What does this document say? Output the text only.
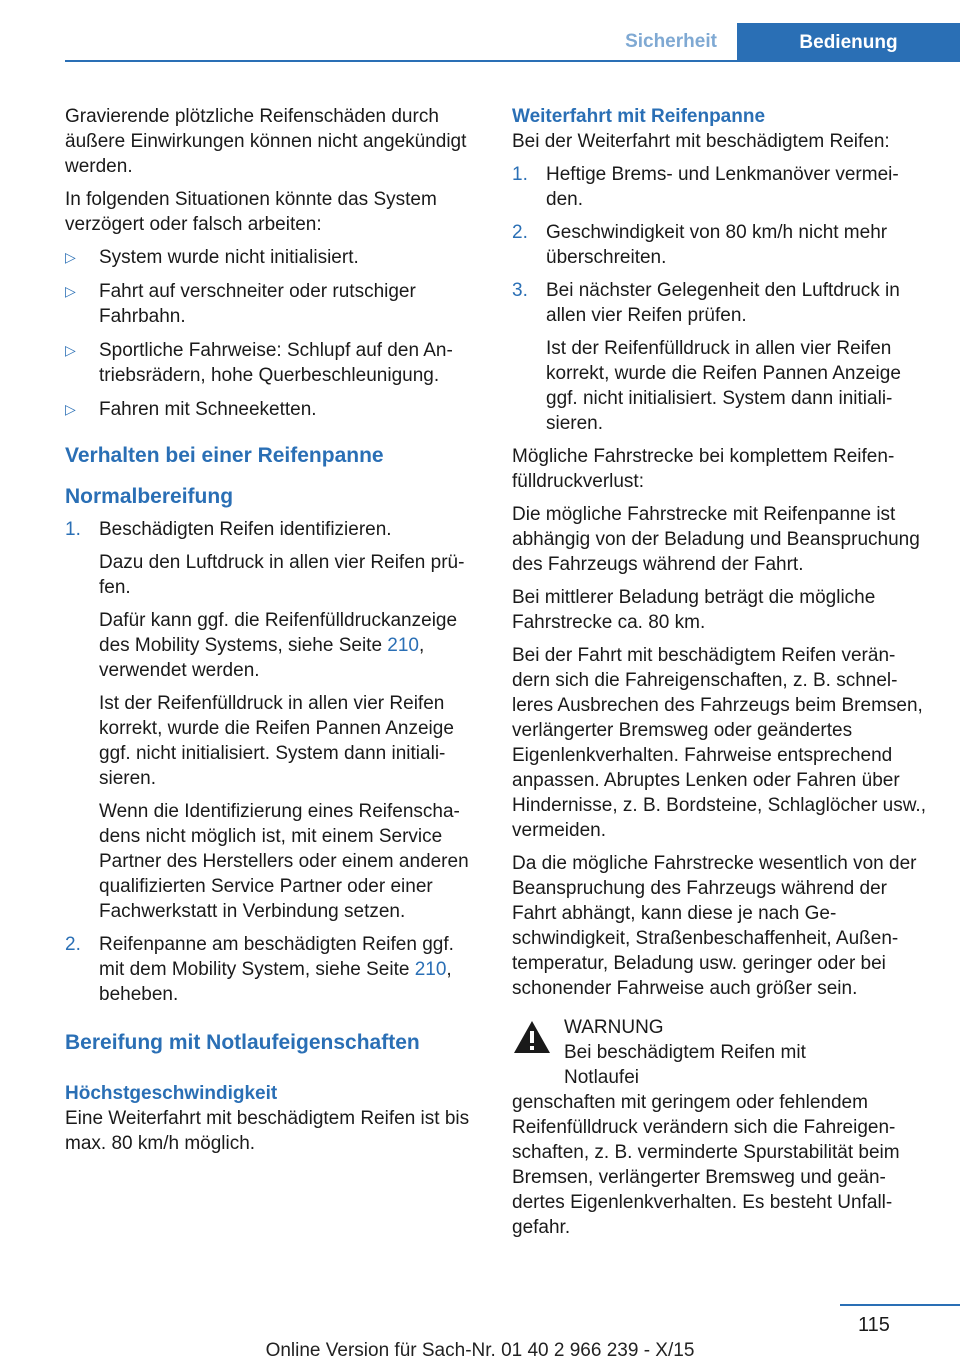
Sicherheit	Bedienung

Gravierende plötzliche Reifenschäden durch äußere Einwirkungen können nicht angekündigt werden.

In folgenden Situationen könnte das System verzögert oder falsch arbeiten:

▷	System wurde nicht initialisiert.
▷	Fahrt auf verschneiter oder rutschiger Fahrbahn.
▷	Sportliche Fahrweise: Schlupf auf den Antriebsrädern, hohe Querbeschleunigung.
▷	Fahren mit Schneeketten.
Verhalten bei einer Reifenpanne
Normalbereifung
1. Beschädigten Reifen identifizieren.

Dazu den Luftdruck in allen vier Reifen prüfen.

Dafür kann ggf. die Reifenfülldruckanzeige des Mobility Systems, siehe Seite 210, verwendet werden.

Ist der Reifenfülldruck in allen vier Reifen korrekt, wurde die Reifen Pannen Anzeige ggf. nicht initialisiert. System dann initialisieren.

Wenn die Identifizierung eines Reifenschadens nicht möglich ist, mit einem Service Partner des Herstellers oder einem anderen qualifizierten Service Partner oder einer Fachwerkstatt in Verbindung setzen.

2. Reifenpanne am beschädigten Reifen ggf. mit dem Mobility System, siehe Seite 210, beheben.

Bereifung mit Notlaufeigenschaften
Höchstgeschwindigkeit

Eine Weiterfahrt mit beschädigtem Reifen ist bis max. 80 km/h möglich.

Weiterfahrt mit Reifenpanne

Bei der Weiterfahrt mit beschädigtem Reifen:

1. Heftige Brems- und Lenkmanöver vermeiden.

2. Geschwindigkeit von 80 km/h nicht mehr überschreiten.

3. Bei nächster Gelegenheit den Luftdruck in allen vier Reifen prüfen.

Ist der Reifenfülldruck in allen vier Reifen korrekt, wurde die Reifen Pannen Anzeige ggf. nicht initialisiert. System dann initialisieren.

Mögliche Fahrstrecke bei komplettem Reifenfülldruckverlust:

Die mögliche Fahrstrecke mit Reifenpanne ist abhängig von der Beladung und Beanspruchung des Fahrzeugs während der Fahrt.

Bei mittlerer Beladung beträgt die mögliche Fahrstrecke ca. 80 km.

Bei der Fahrt mit beschädigtem Reifen verändern sich die Fahreigenschaften, z. B. schnelleres Ausbrechen des Fahrzeugs beim Bremsen, verlängerter Bremsweg oder geändertes Eigenlenkverhalten. Fahrweise entsprechend anpassen. Abruptes Lenken oder Fahren über Hindernisse, z. B. Bordsteine, Schlaglöcher usw., vermeiden.

Da die mögliche Fahrstrecke wesentlich von der Beanspruchung des Fahrzeugs während der Fahrt abhängt, kann diese je nach Geschwindigkeit, Straßenbeschaffenheit, Außentemperatur, Beladung usw. geringer oder bei schonender Fahrweise auch größer sein.

WARNUNG
Bei beschädigtem Reifen mit Notlaufei
genschaften mit geringem oder fehlendem Reifenfülldruck verändern sich die Fahreigenschaften, z. B. verminderte Spurstabilität beim Bremsen, verlängerter Bremsweg und geändertes Eigenlenkverhalten. Es besteht Unfallgefahr.
115
Online Version für Sach-Nr. 01 40 2 966 239 - X/15
